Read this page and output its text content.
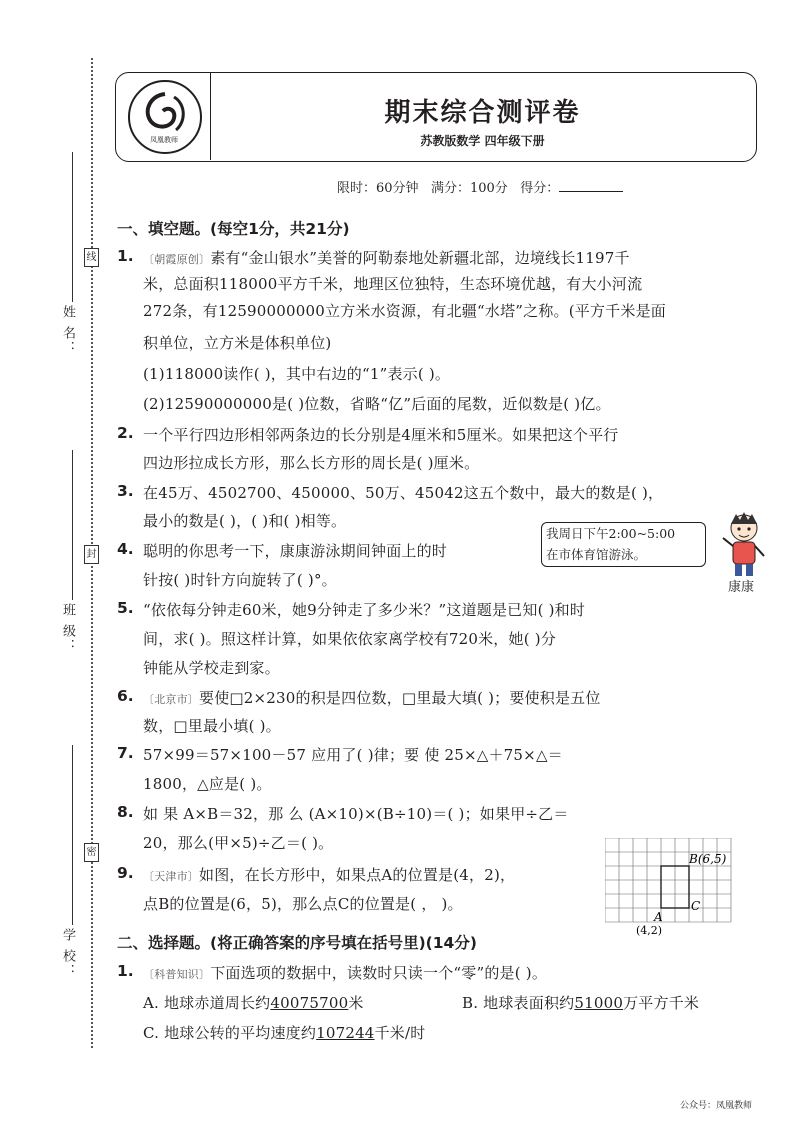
姓 名：
班 级：
学 校：
线
封
密
凤凰教师
期末综合测评卷
苏教版数学 四年级下册
限时：60分钟 满分：100分 得分：
一、填空题。(每空1分，共21分)
1. 〔朝霞原创〕素有“金山银水”美誉的阿勒泰地处新疆北部，边境线长1197千
米，总面积118000平方千米，地理区位独特，生态环境优越，有大小河流
272条，有12590000000立方米水资源，有北疆“水塔”之称。(平方千米是面
积单位，立方米是体积单位)
(1)118000读作( )，其中右边的“1”表示( )。
(2)12590000000是( )位数，省略“亿”后面的尾数，近似数是( )亿。
2. 一个平行四边形相邻两条边的长分别是4厘米和5厘米。如果把这个平行
四边形拉成长方形，那么长方形的周长是( )厘米。
3. 在45万、4502700、450000、50万、45042这五个数中，最大的数是( )，
最小的数是( )，( )和( )相等。
4. 聪明的你思考一下，康康游泳期间钟面上的时
针按( )时针方向旋转了( )°。
我周日下午2:00~5:00
在市体育馆游泳。
康康
5. “依依每分钟走60米，她9分钟走了多少米？”这道题是已知( )和时
间，求( )。照这样计算，如果依依家离学校有720米，她( )分
钟能从学校走到家。
6. 〔北京市〕要使□2×230的积是四位数，□里最大填( )；要使积是五位
数，□里最小填( )。
7. 57×99＝57×100－57 应用了( )律；要 使 25×△＋75×△＝
1800，△应是( )。
8. 如 果 A×B＝32，那 么 (A×10)×(B÷10)＝( )；如果甲÷乙＝
20，那么(甲×5)÷乙＝( )。
9. 〔天津市〕如图，在长方形中，如果点A的位置是(4，2)，
点B的位置是(6，5)，那么点C的位置是( ， )。
B(6,5)
C
A
(4,2)
二、选择题。(将正确答案的序号填在括号里)(14分)
1. 〔科普知识〕下面选项的数据中，读数时只读一个“零”的是( )。
A. 地球赤道周长约40075700米	B. 地球表面积约51000万平方千米
C. 地球公转的平均速度约107244千米/时
公众号：凤凰教师
